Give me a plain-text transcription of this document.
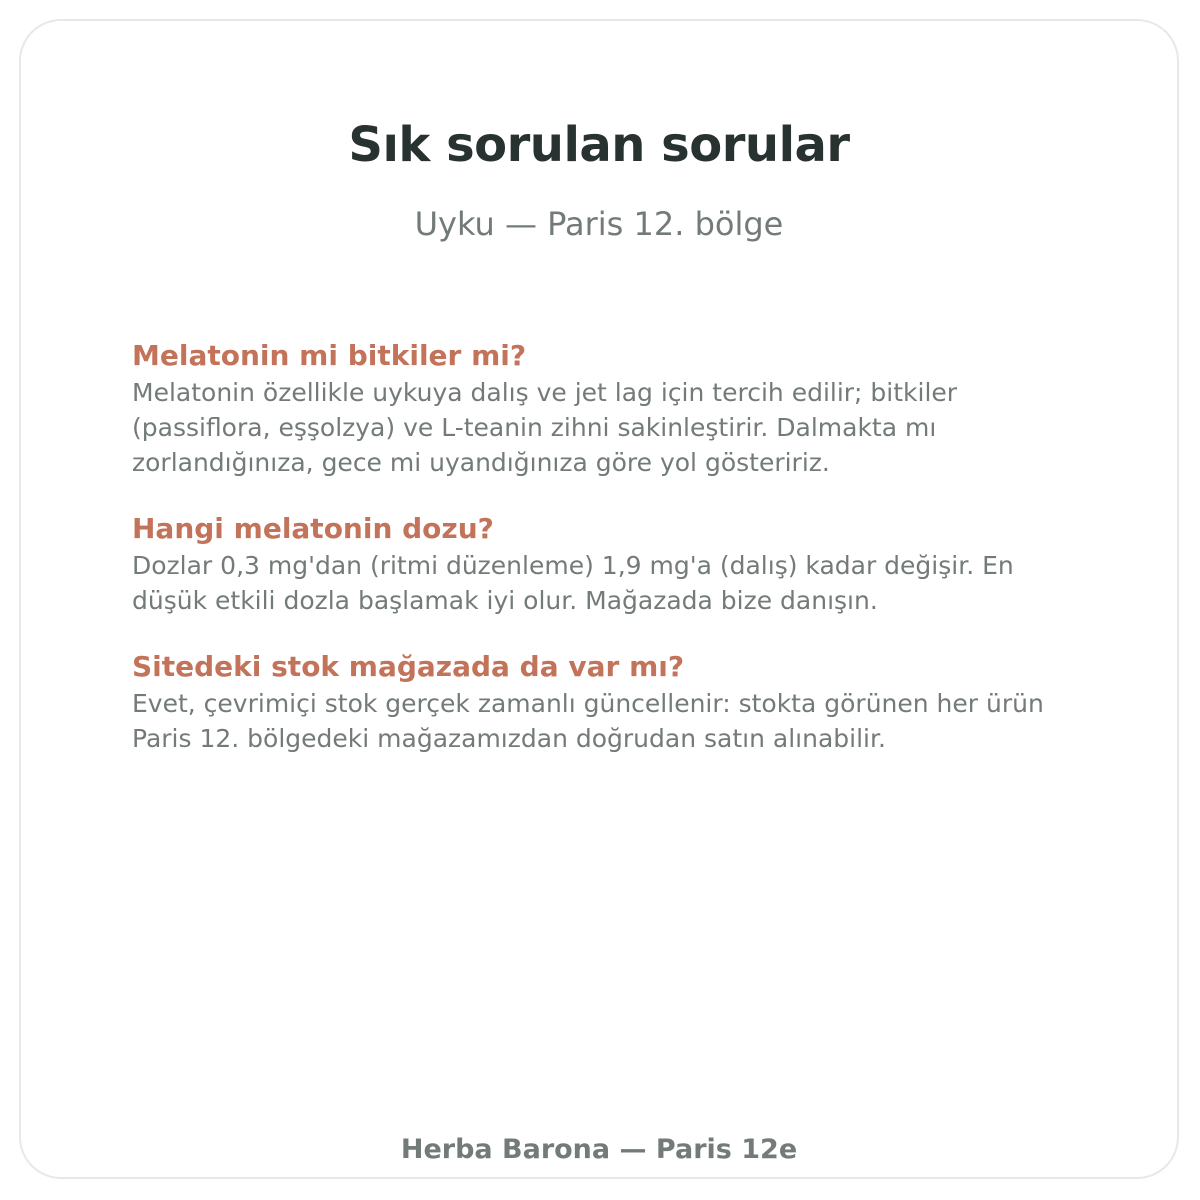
Sık sorulan sorular

Uyku — Paris 12. bölge

Melatonin mi bitkiler mi?

Melatonin özellikle uykuya dalış ve jet lag için tercih edilir; bitkiler (passiflora, eşşolzya) ve L-teanin zihni sakinleştirir. Dalmakta mı zorlandığınıza, gece mi uyandığınıza göre yol gösteririz.

Hangi melatonin dozu?

Dozlar 0,3 mg'dan (ritmi düzenleme) 1,9 mg'a (dalış) kadar değişir. En düşük etkili dozla başlamak iyi olur. Mağazada bize danışın.

Sitedeki stok mağazada da var mı?

Evet, çevrimiçi stok gerçek zamanlı güncellenir: stokta görünen her ürün Paris 12. bölgedeki mağazamızdan doğrudan satın alınabilir.

Herba Barona — Paris 12e
